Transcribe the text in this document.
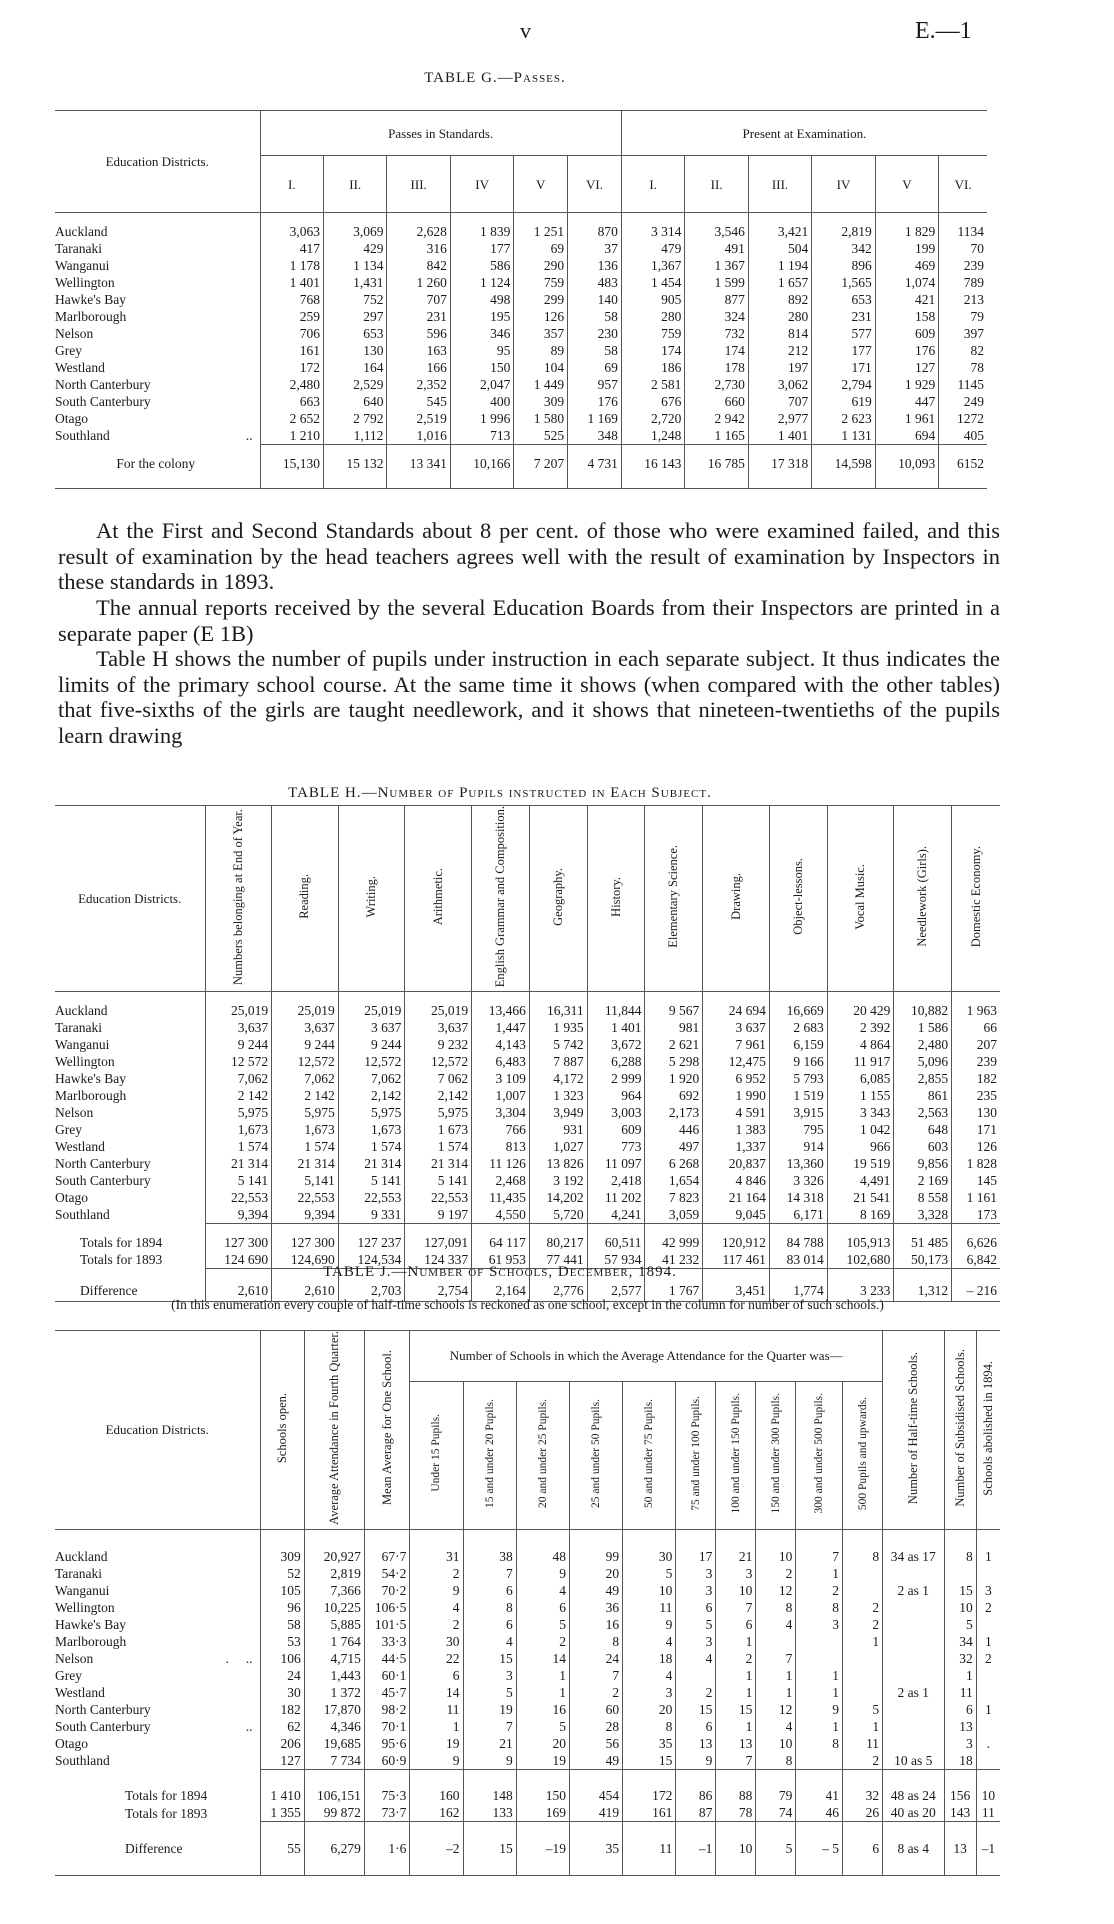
v	E.—1
TABLE G.—Passes.
Education Districts.	Passes in Standards.						Present at Examination.					
	I.	II.	III.	IV	V	VI.	I.	II.	III.	IV	V	VI.

Auckland	3,063	3,069	2,628	1 839	1 251	870	3 314	3,546	3,421	2,819	1 829	1134
Taranaki	417	429	316	177	69	37	479	491	504	342	199	70
Wanganui	1 178	1 134	842	586	290	136	1,367	1 367	1 194	896	469	239
Wellington	1 401	1,431	1 260	1 124	759	483	1 454	1 599	1 657	1,565	1,074	789
Hawke's Bay	768	752	707	498	299	140	905	877	892	653	421	213
Marlborough	259	297	231	195	126	58	280	324	280	231	158	79
Nelson	706	653	596	346	357	230	759	732	814	577	609	397
Grey	161	130	163	95	89	58	174	174	212	177	176	82
Westland	172	164	166	150	104	69	186	178	197	171	127	78
North Canterbury	2,480	2,529	2,352	2,047	1 449	957	2 581	2,730	3,062	2,794	1 929	1145
South Canterbury	663	640	545	400	309	176	676	660	707	619	447	249
Otago	2 652	2 792	2,519	1 996	1 580	1 169	2,720	2 942	2,977	2 623	1 961	1272
Southland ..	1 210	1,112	1,016	713	525	348	1,248	1 165	1 401	1 131	694	405

For the colony	15,130	15 132	13 341	10,166	7 207	4 731	16 143	16 785	17 318	14,598	10,093	6152

At the First and Second Standards about 8 per cent. of those who were examined failed, and this result of examination by the head teachers agrees well with the result of examination by Inspectors in these standards in 1893.
The annual reports received by the several Education Boards from their Inspectors are printed in a separate paper (E 1B)
Table H shows the number of pupils under instruction in each separate subject. It thus indicates the limits of the primary school course. At the same time it shows (when compared with the other tables) that five-sixths of the girls are taught needlework, and it shows that nineteen-twentieths of the pupils learn drawing
TABLE H.—Number of Pupils instructed in Each Subject.
Education Districts.	Numbers belonging at End of Year.	Reading.	Writing.	Arithmetic.	English Grammar and Composition.	Geography.	History.	Elementary Science.	Drawing.	Object-lessons.	Vocal Music.	Needlework (Girls).	Domestic Economy.

Auckland	25,019	25,019	25,019	25,019	13,466	16,311	11,844	9 567	24 694	16,669	20 429	10,882	1 963
Taranaki	3,637	3,637	3 637	3,637	1,447	1 935	1 401	981	3 637	2 683	2 392	1 586	66
Wanganui	9 244	9 244	9 244	9 232	4,143	5 742	3,672	2 621	7 961	6,159	4 864	2,480	207
Wellington	12 572	12,572	12,572	12,572	6,483	7 887	6,288	5 298	12,475	9 166	11 917	5,096	239
Hawke's Bay	7,062	7,062	7,062	7 062	3 109	4,172	2 999	1 920	6 952	5 793	6,085	2,855	182
Marlborough	2 142	2 142	2,142	2,142	1,007	1 323	964	692	1 990	1 519	1 155	861	235
Nelson	5,975	5,975	5,975	5,975	3,304	3,949	3,003	2,173	4 591	3,915	3 343	2,563	130
Grey	1,673	1,673	1,673	1 673	766	931	609	446	1 383	795	1 042	648	171
Westland	1 574	1 574	1 574	1 574	813	1,027	773	497	1,337	914	966	603	126
North Canterbury	21 314	21 314	21 314	21 314	11 126	13 826	11 097	6 268	20,837	13,360	19 519	9,856	1 828
South Canterbury	5 141	5,141	5 141	5 141	2,468	3 192	2,418	1,654	4 846	3 326	4,491	2 169	145
Otago	22,553	22,553	22,553	22,553	11,435	14,202	11 202	7 823	21 164	14 318	21 541	8 558	1 161
Southland	9,394	9,394	9 331	9 197	4,550	5,720	4,241	3,059	9,045	6,171	8 169	3,328	173

Totals for 1894	127 300	127 300	127 237	127,091	64 117	80,217	60,511	42 999	120,912	84 788	105,913	51 485	6,626
Totals for 1893	124 690	124,690	124,534	124 337	61 953	77 441	57 934	41 232	117 461	83 014	102,680	50,173	6,842

Difference	2,610	2,610	2,703	2,754	2,164	2,776	2,577	1 767	3,451	1,774	3 233	1,312	– 216
TABLE J.—Number of Schools, December, 1894.
(In this enumeration every couple of half-time schools is reckoned as one school, except in the column for number of such schools.)
Education Districts.	Schools open.	Average Attendance in Fourth Quarter.	Mean Average for One School.	Number of Schools in which the Average Attendance for the Quarter was—										Number of Half-time Schools.	Number of Subsidised Schools.	Schools abolished in 1894.
				Under 15 Pupils.	15 and under 20 Pupils.	20 and under 25 Pupils.	25 and under 50 Pupils.	50 and under 75 Pupils.	75 and under 100 Pupils.	100 and under 150 Pupils.	150 and under 300 Pupils.	300 and under 500 Pupils.	500 Pupils and upwards.			

Auckland	309	20,927	67·7	31	38	48	99	30	17	21	10	7	8	34 as 17	8	1
Taranaki	52	2,819	54·2	2	7	9	20	5	3	3	2	1				
Wanganui	105	7,366	70·2	9	6	4	49	10	3	10	12	2		2 as 1	15	3
Wellington	96	10,225	106·5	4	8	6	36	11	6	7	8	8	2		10	2
Hawke's Bay	58	5,885	101·5	2	6	5	16	9	5	6	4	3	2		5	
Marlborough	53	1 764	33·3	30	4	2	8	4	3	1			1		34	1
Nelson .     ..	106	4,715	44·5	22	15	14	24	18	4	2	7				32	2
Grey	24	1,443	60·1	6	3	1	7	4		1	1	1			1	
Westland	30	1 372	45·7	14	5	1	2	3	2	1	1	1		2 as 1	11	
North Canterbury	182	17,870	98·2	11	19	16	60	20	15	15	12	9	5		6	1
South Canterbury ..	62	4,346	70·1	1	7	5	28	8	6	1	4	1	1		13	
Otago	206	19,685	95·6	19	21	20	56	35	13	13	10	8	11		3	.
Southland	127	7 734	60·9	9	9	19	49	15	9	7	8		2	10 as 5	18	

Totals for 1894	1 410	106,151	75·3	160	148	150	454	172	86	88	79	41	32	48 as 24	156	10
Totals for 1893	1 355	99 872	73·7	162	133	169	419	161	87	78	74	46	26	40 as 20	143	11

Difference	55	6,279	1·6	–2	15	–19	35	11	–1	10	5	– 5	6	8 as 4	13	–1
